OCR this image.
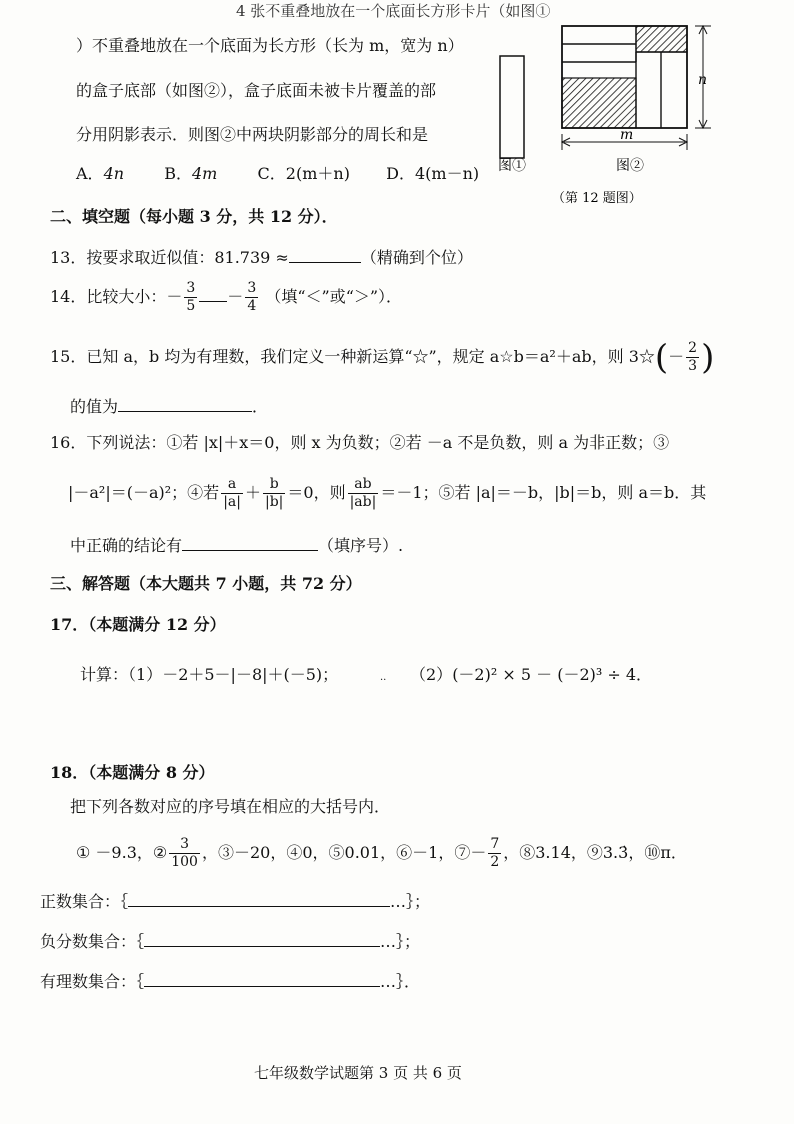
4 张不重叠地放在一个底面长方形卡片（如图①
）不重叠地放在一个底面为长方形（长为 m，宽为 n）
的盒子底部（如图②），盒子底面未被卡片覆盖的部
分用阴影表示．则图②中两块阴影部分的周长和是
A．4n	B．4m	C．2(m＋n) D．4(m－n)
n
m
图①	图②
（第 12 题图）
二、填空题（每小题 3 分，共 12 分）．
13．按要求取近似值：81.739 ≈	（精确到个位）
14．比较大小：－ $\frac{3}{5} - \frac{3}{4}$ （填“＜”或“＞”）．
15．已知 a，b 均为有理数，我们定义一种新运算“☆”，规定 a☆b＝a²＋ab，则 3☆(－ $\frac{2}{3}$ )
的值为	．
16．下列说法：①若 |x|＋x＝0，则 x 为负数；②若 －a 不是负数，则 a 为非正数；③
|－a²|＝(－a)²；④若 $\frac{a}{|a|} + \frac{b}{|b|} =0$，则 $\frac{ab}{|ab|} =-1$；⑤若 |a|＝－b，|b|＝b，则 a＝b．其
中正确的结论有	（填序号）.
三、解答题（本大题共 7 小题，共 72 分）
17．（本题满分 12 分）
计算：（1）－2＋5－|－8|＋(－5)；	.. （2）(－2)² × 5 － (－2)³ ÷ 4．
18．（本题满分 8 分）
把下列各数对应的序号填在相应的大括号内．
① －9.3，② $\frac{3}{100}$ ，③－20，④0，⑤0.01，⑥－1，⑦－ $\frac{7}{2}$ ，⑧3.14，⑨3.3̇，⑩π．
正数集合：｛	…｝；
负分数集合：｛	…｝；
有理数集合：｛	…｝．
七年级数学试题第 3 页 共 6 页
